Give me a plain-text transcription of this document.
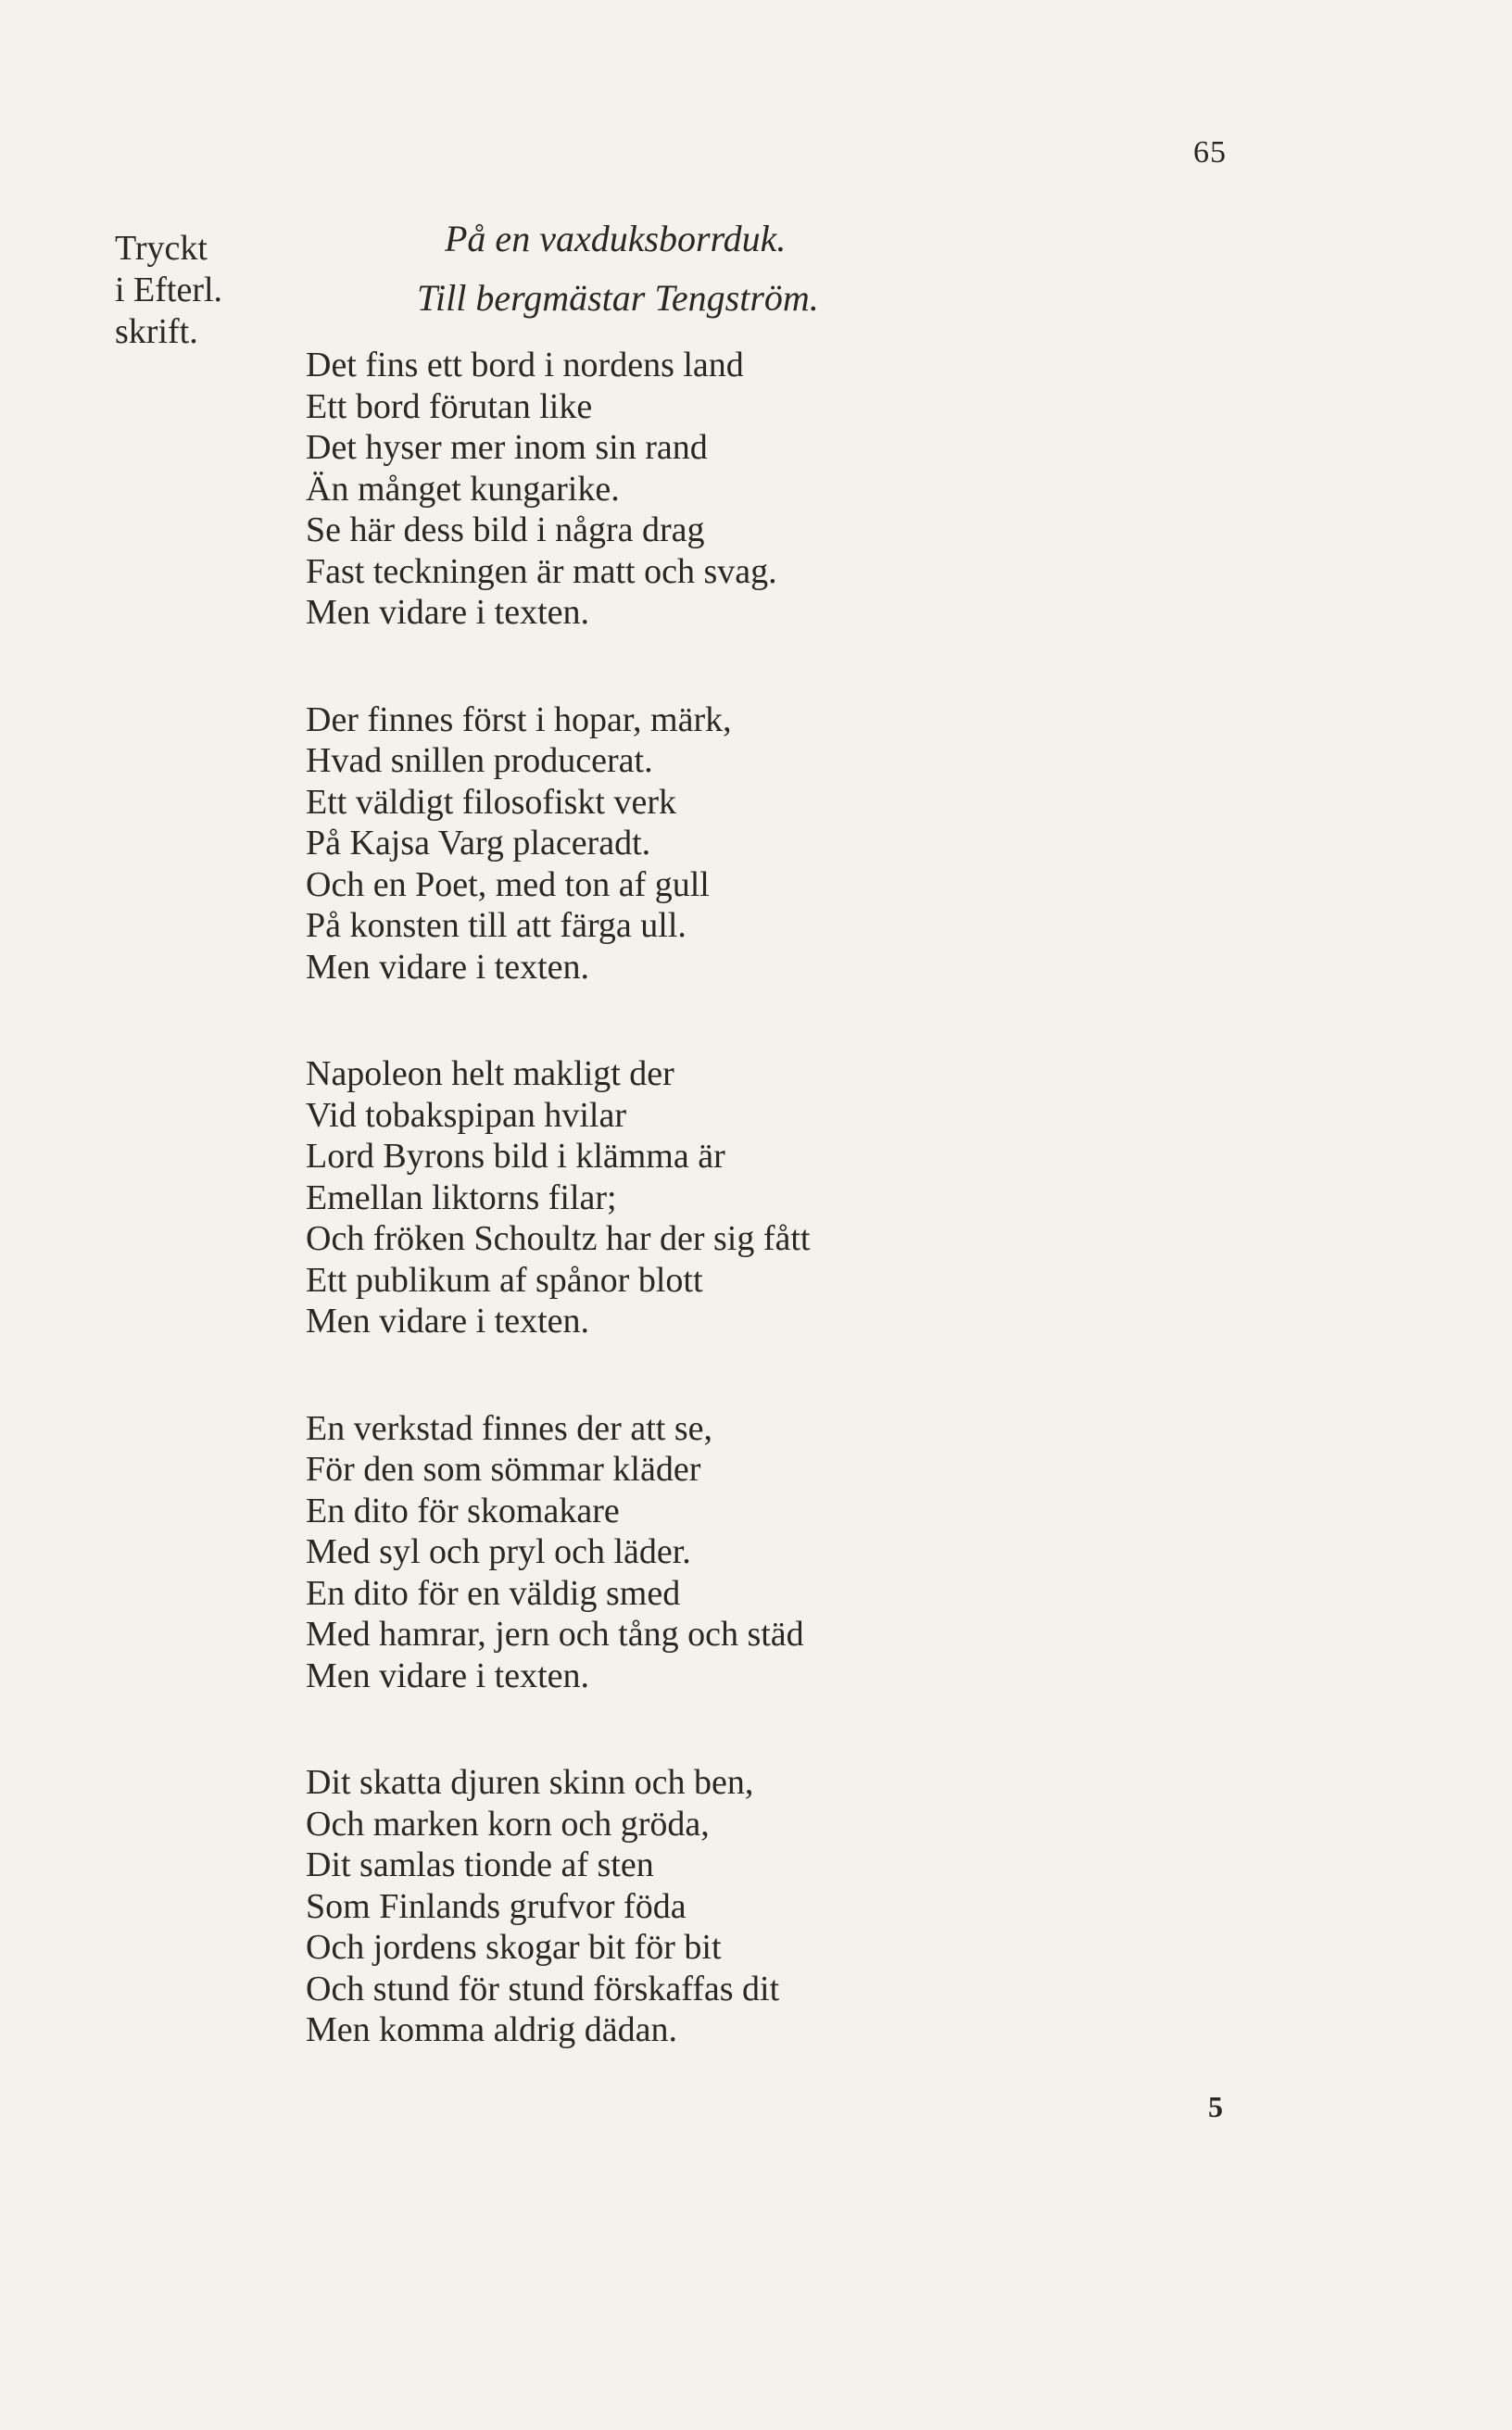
65
Tryckt
i Efterl.
skrift.
På en vaxduksborrduk.
Till bergmästar Tengström.
Det fins ett bord i nordens land
Ett bord förutan like
Det hyser mer inom sin rand
Än månget kungarike.
Se här dess bild i några drag
Fast teckningen är matt och svag.
Men vidare i texten.
Der finnes först i hopar, märk,
Hvad snillen producerat.
Ett väldigt filosofiskt verk
På Kajsa Varg placeradt.
Och en Poet, med ton af gull
På konsten till att färga ull.
Men vidare i texten.
Napoleon helt makligt der
Vid tobakspipan hvilar
Lord Byrons bild i klämma är
Emellan liktorns filar;
Och fröken Schoultz har der sig fått
Ett publikum af spånor blott
Men vidare i texten.
En verkstad finnes der att se,
För den som sömmar kläder
En dito för skomakare
Med syl och pryl och läder.
En dito för en väldig smed
Med hamrar, jern och tång och städ
Men vidare i texten.
Dit skatta djuren skinn och ben,
Och marken korn och gröda,
Dit samlas tionde af sten
Som Finlands grufvor föda
Och jordens skogar bit för bit
Och stund för stund förskaffas dit
Men komma aldrig dädan.
5
